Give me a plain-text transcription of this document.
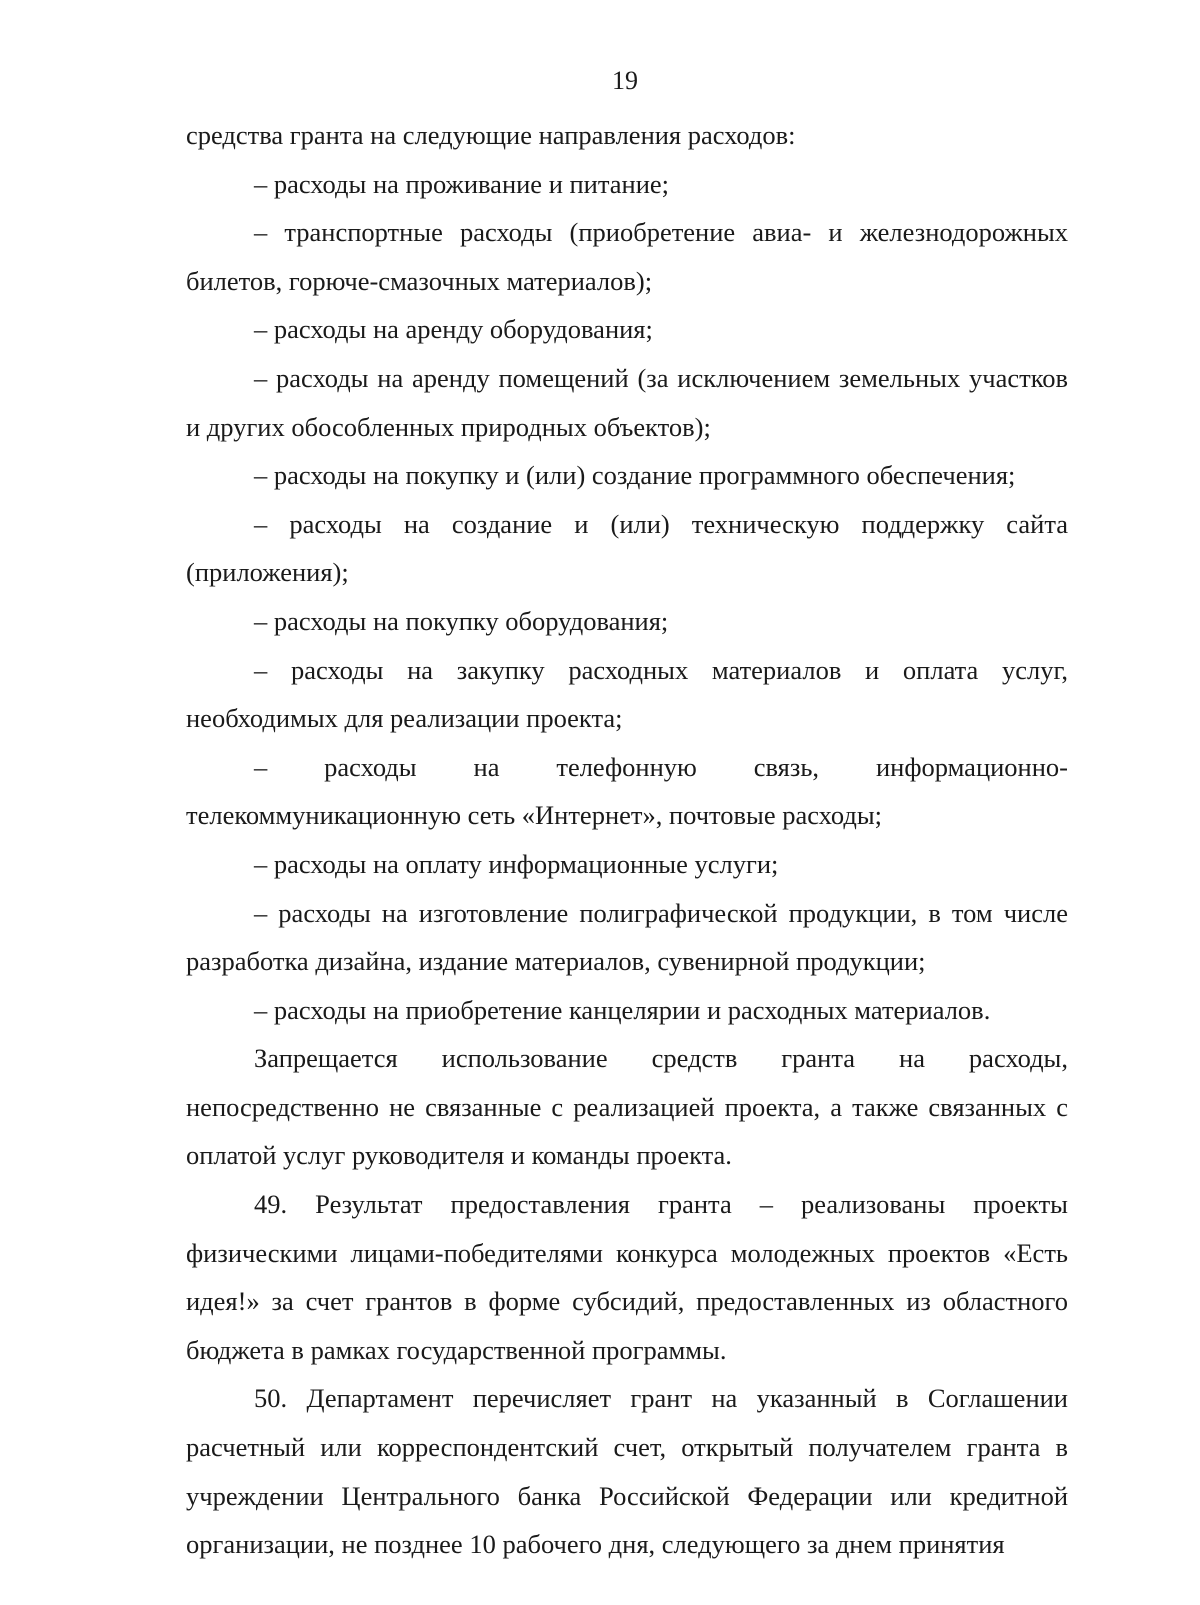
19

средства гранта на следующие направления расходов:

– расходы на проживание и питание;

– транспортные расходы (приобретение авиа- и железнодорожных билетов, горюче-смазочных материалов);

– расходы на аренду оборудования;

– расходы на аренду помещений (за исключением земельных участков и других обособленных природных объектов);

– расходы на покупку и (или) создание программного обеспечения;

– расходы на создание и (или) техническую поддержку сайта (приложения);

– расходы на покупку оборудования;

– расходы на закупку расходных материалов и оплата услуг, необходимых для реализации проекта;

– расходы на телефонную связь, информационно-

телекоммуникационную сеть «Интернет», почтовые расходы;

– расходы на оплату информационные услуги;

– расходы на изготовление полиграфической продукции, в том числе разработка дизайна, издание материалов, сувенирной продукции;

– расходы на приобретение канцелярии и расходных материалов.

Запрещается использование средств гранта на расходы, непосредственно не связанные с реализацией проекта, а также связанных с оплатой услуг руководителя и команды проекта.

49. Результат предоставления гранта – реализованы проекты физическими лицами-победителями конкурса молодежных проектов «Есть идея!» за счет грантов в форме субсидий, предоставленных из областного бюджета в рамках государственной программы.

50. Департамент перечисляет грант на указанный в Соглашении расчетный или корреспондентский счет, открытый получателем гранта в учреждении Центрального банка Российской Федерации или кредитной организации, не позднее 10 рабочего дня, следующего за днем принятия
